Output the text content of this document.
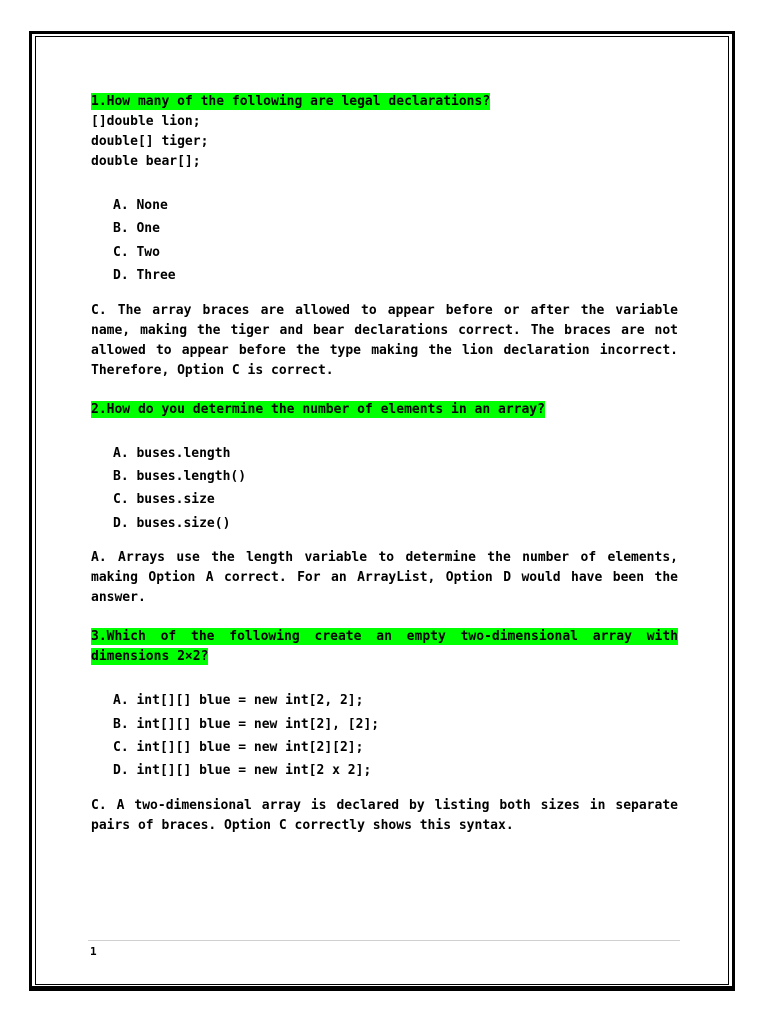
1.How many of the following are legal declarations?

[]double lion;

double[] tiger;

double bear[];

A. None
B. One
C. Two
D. Three

C. The array braces are allowed to appear before or after the variable name, making the tiger and bear declarations correct. The braces are not allowed to appear before the type making the lion declaration incorrect. Therefore, Option C is correct.

2.How do you determine the number of elements in an array?

A. buses.length
B. buses.length()
C. buses.size
D. buses.size()

A. Arrays use the length variable to determine the number of elements, making Option A correct. For an ArrayList, Option D would have been the answer.

3.Which of the following create an empty two-dimensional array with dimensions 2×2?

A. int[][] blue = new int[2, 2];
B. int[][] blue = new int[2], [2];
C. int[][] blue = new int[2][2];
D. int[][] blue = new int[2 x 2];

C. A two-dimensional array is declared by listing both sizes in separate pairs of braces. Option C correctly shows this syntax.

1
